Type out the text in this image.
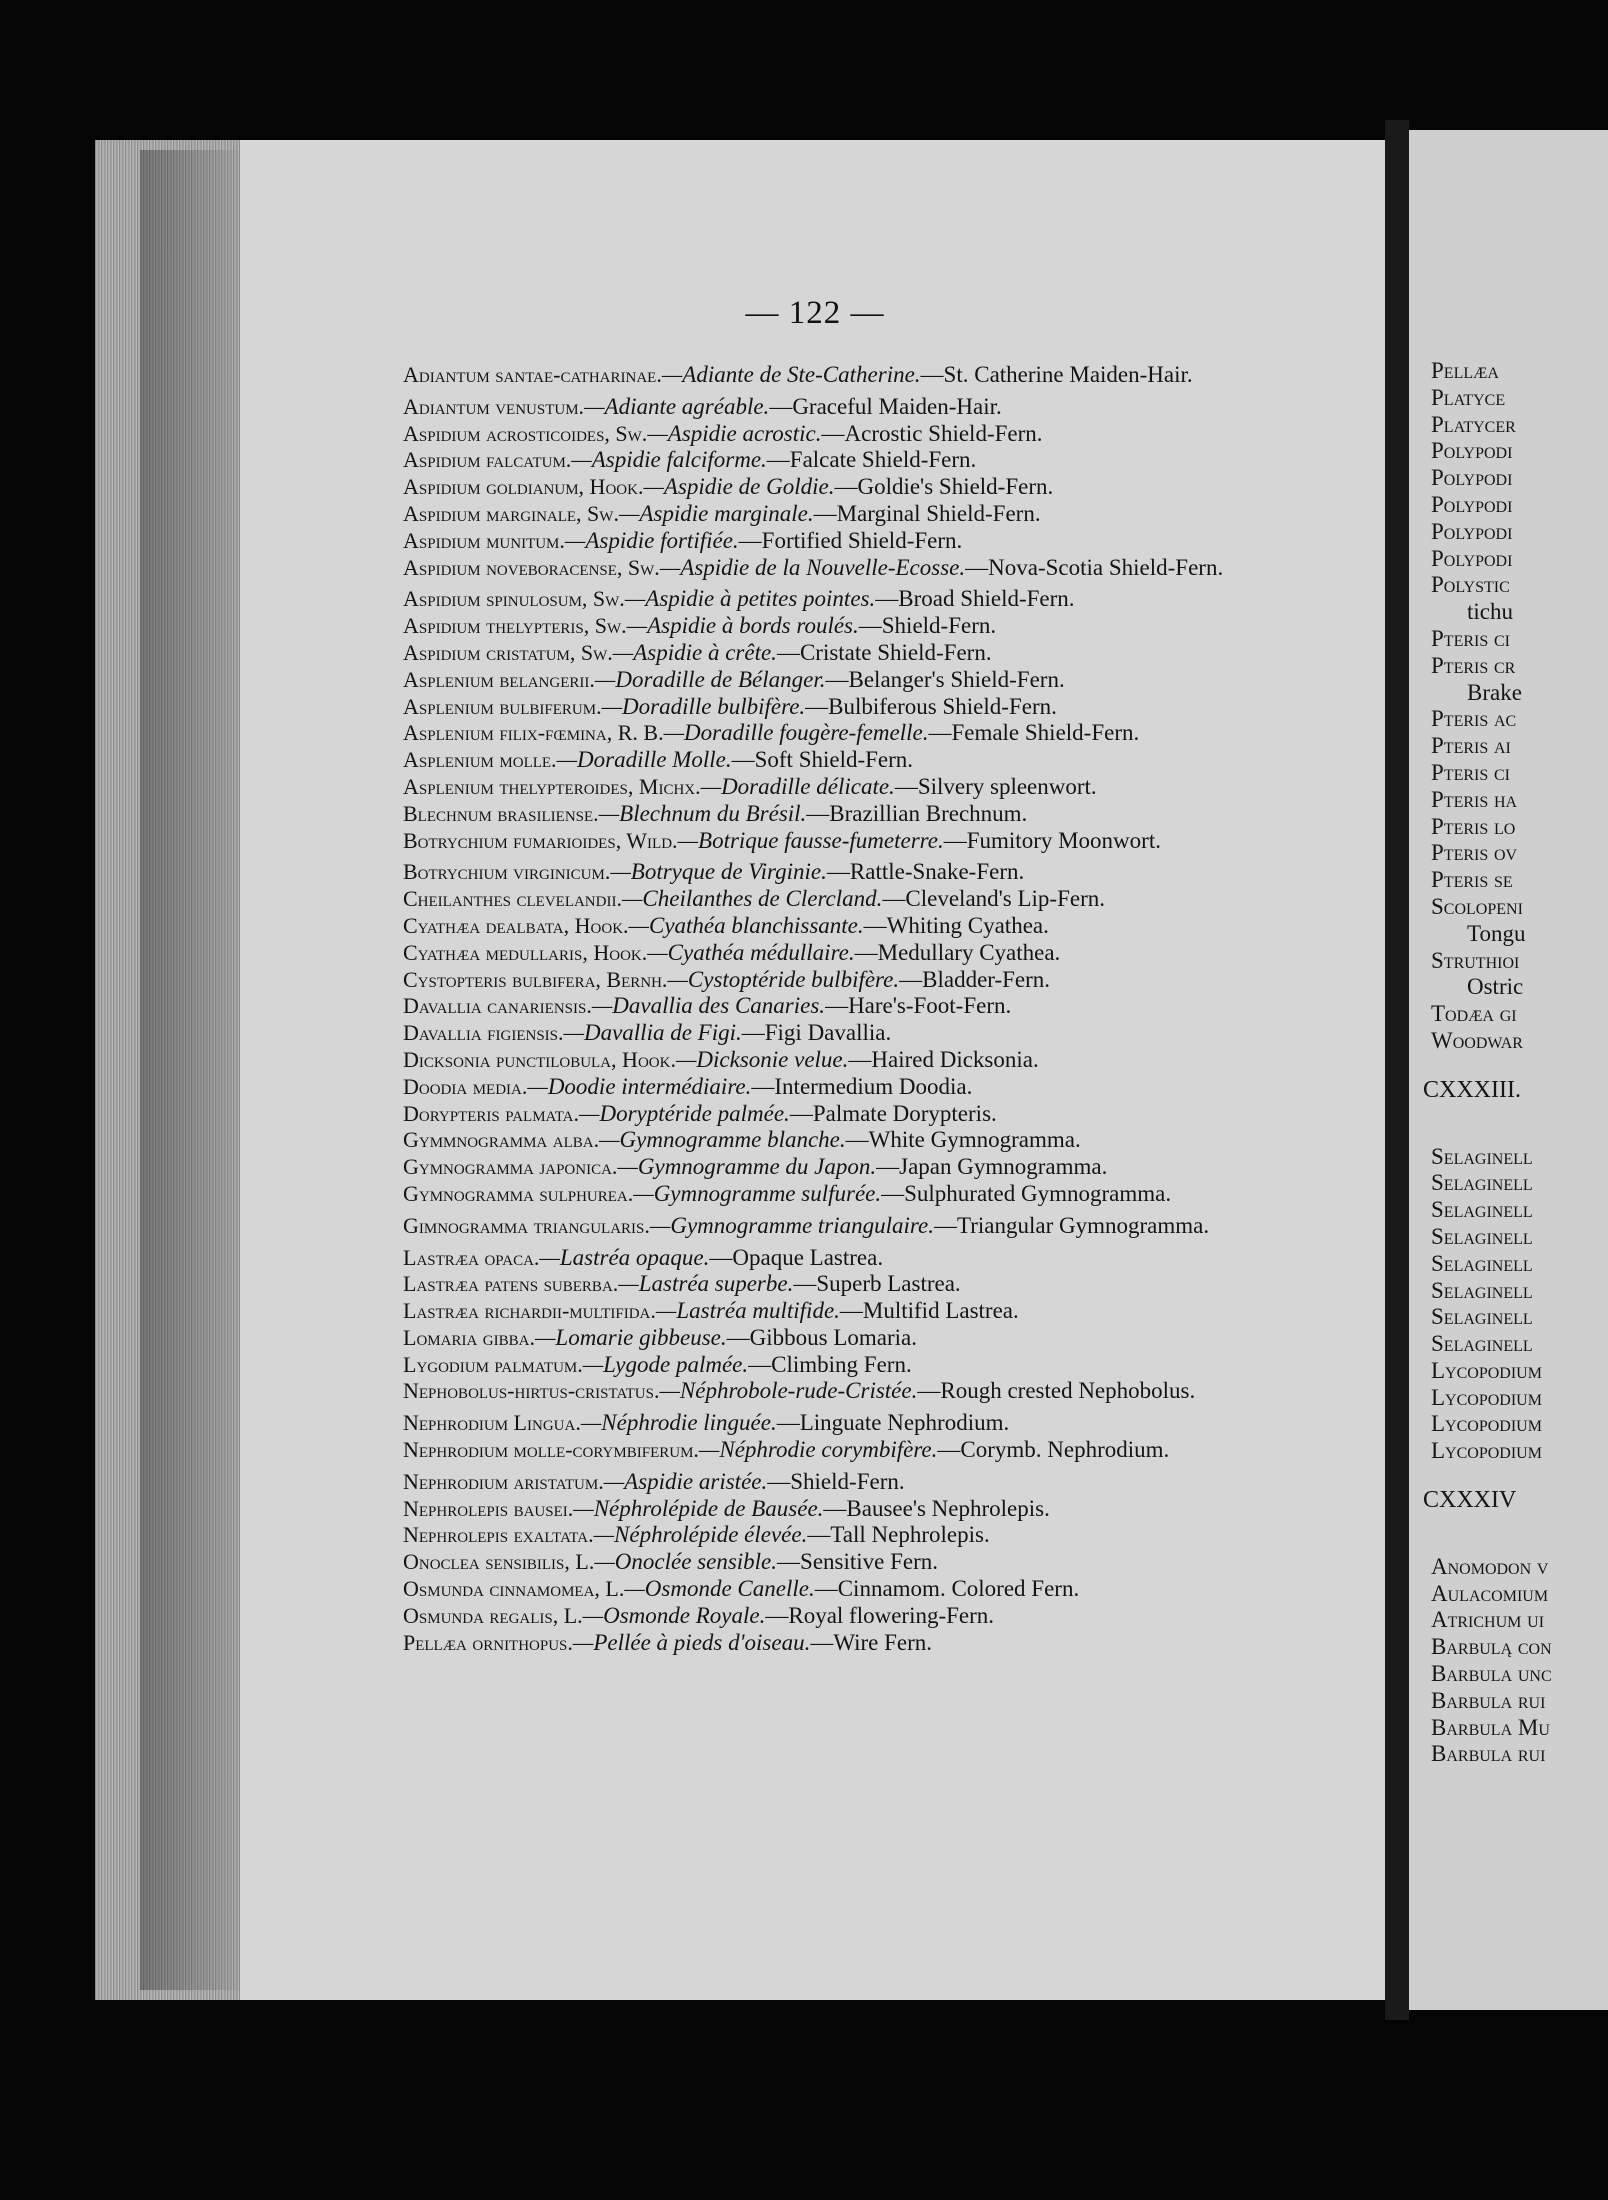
— 122 —

Adiantum santae-catharinae.—Adiante de Ste-Catherine.—St. Catherine Maiden-Hair.

Adiantum venustum.—Adiante agréable.—Graceful Maiden-Hair.

Aspidium acrosticoides, Sw.—Aspidie acrostic.—Acrostic Shield-Fern.

Aspidium falcatum.—Aspidie falciforme.—Falcate Shield-Fern.

Aspidium goldianum, Hook.—Aspidie de Goldie.—Goldie's Shield-Fern.

Aspidium marginale, Sw.—Aspidie marginale.—Marginal Shield-Fern.

Aspidium munitum.—Aspidie fortifiée.—Fortified Shield-Fern.

Aspidium noveboracense, Sw.—Aspidie de la Nouvelle-Ecosse.—Nova-Scotia Shield-Fern.

Aspidium spinulosum, Sw.—Aspidie à petites pointes.—Broad Shield-Fern.

Aspidium thelypteris, Sw.—Aspidie à bords roulés.—Shield-Fern.

Aspidium cristatum, Sw.—Aspidie à crête.—Cristate Shield-Fern.

Asplenium belangerii.—Doradille de Bélanger.—Belanger's Shield-Fern.

Asplenium bulbiferum.—Doradille bulbifère.—Bulbiferous Shield-Fern.

Asplenium filix-fœmina, R. B.—Doradille fougère-femelle.—Female Shield-Fern.

Asplenium molle.—Doradille Molle.—Soft Shield-Fern.

Asplenium thelypteroides, Michx.—Doradille délicate.—Silvery spleenwort.

Blechnum brasiliense.—Blechnum du Brésil.—Brazillian Brechnum.

Botrychium fumarioides, Wild.—Botrique fausse-fumeterre.—Fumitory Moonwort.

Botrychium virginicum.—Botryque de Virginie.—Rattle-Snake-Fern.

Cheilanthes clevelandii.—Cheilanthes de Clercland.—Cleveland's Lip-Fern.

Cyathæa dealbata, Hook.—Cyathéa blanchissante.—Whiting Cyathea.

Cyathæa medullaris, Hook.—Cyathéa médullaire.—Medullary Cyathea.

Cystopteris bulbifera, Bernh.—Cystoptéride bulbifère.—Bladder-Fern.

Davallia canariensis.—Davallia des Canaries.—Hare's-Foot-Fern.

Davallia figiensis.—Davallia de Figi.—Figi Davallia.

Dicksonia punctilobula, Hook.—Dicksonie velue.—Haired Dicksonia.

Doodia media.—Doodie intermédiaire.—Intermedium Doodia.

Dorypteris palmata.—Doryptéride palmée.—Palmate Dorypteris.

Gymmnogramma alba.—Gymnogramme blanche.—White Gymnogramma.

Gymnogramma japonica.—Gymnogramme du Japon.—Japan Gymnogramma.

Gymnogramma sulphurea.—Gymnogramme sulfurée.—Sulphurated Gymnogramma.

Gimnogramma triangularis.—Gymnogramme triangulaire.—Triangular Gymnogramma.

Lastræa opaca.—Lastréa opaque.—Opaque Lastrea.

Lastræa patens suberba.—Lastréa superbe.—Superb Lastrea.

Lastræa richardii-multifida.—Lastréa multifide.—Multifid Lastrea.

Lomaria gibba.—Lomarie gibbeuse.—Gibbous Lomaria.

Lygodium palmatum.—Lygode palmée.—Climbing Fern.

Nephobolus-hirtus-cristatus.—Néphrobole-rude-Cristée.—Rough crested Nephobolus.

Nephrodium Lingua.—Néphrodie linguée.—Linguate Nephrodium.

Nephrodium molle-corymbiferum.—Néphrodie corymbifère.—Corymb. Nephrodium.

Nephrodium aristatum.—Aspidie aristée.—Shield-Fern.

Nephrolepis bausei.—Néphrolépide de Bausée.—Bausee's Nephrolepis.

Nephrolepis exaltata.—Néphrolépide élevée.—Tall Nephrolepis.

Onoclea sensibilis, L.—Onoclée sensible.—Sensitive Fern.

Osmunda cinnamomea, L.—Osmonde Canelle.—Cinnamom. Colored Fern.

Osmunda regalis, L.—Osmonde Royale.—Royal flowering-Fern.

Pellæa ornithopus.—Pellée à pieds d'oiseau.—Wire Fern.

Pellæa
Platyce
Platycer
Polypodi
Polypodi
Polypodi
Polypodi
Polypodi
Polystic
tichu
Pteris ci
Pteris cr
Brake
Pteris ac
Pteris ai
Pteris ci
Pteris ha
Pteris lo
Pteris ov
Pteris se
Scolopeni
Tongu
Struthioi
Ostric
Todæa gi
Woodwar
CXXXIII.
Selaginell
Selaginell
Selaginell
Selaginell
Selaginell
Selaginell
Selaginell
Selaginell
Lycopodium
Lycopodium
Lycopodium
Lycopodium
CXXXIV
Anomodon v
Aulacomium
Atrichum ui
Barbulą con
Barbula unc
Barbula rui
Barbula Mu
Barbula rui
